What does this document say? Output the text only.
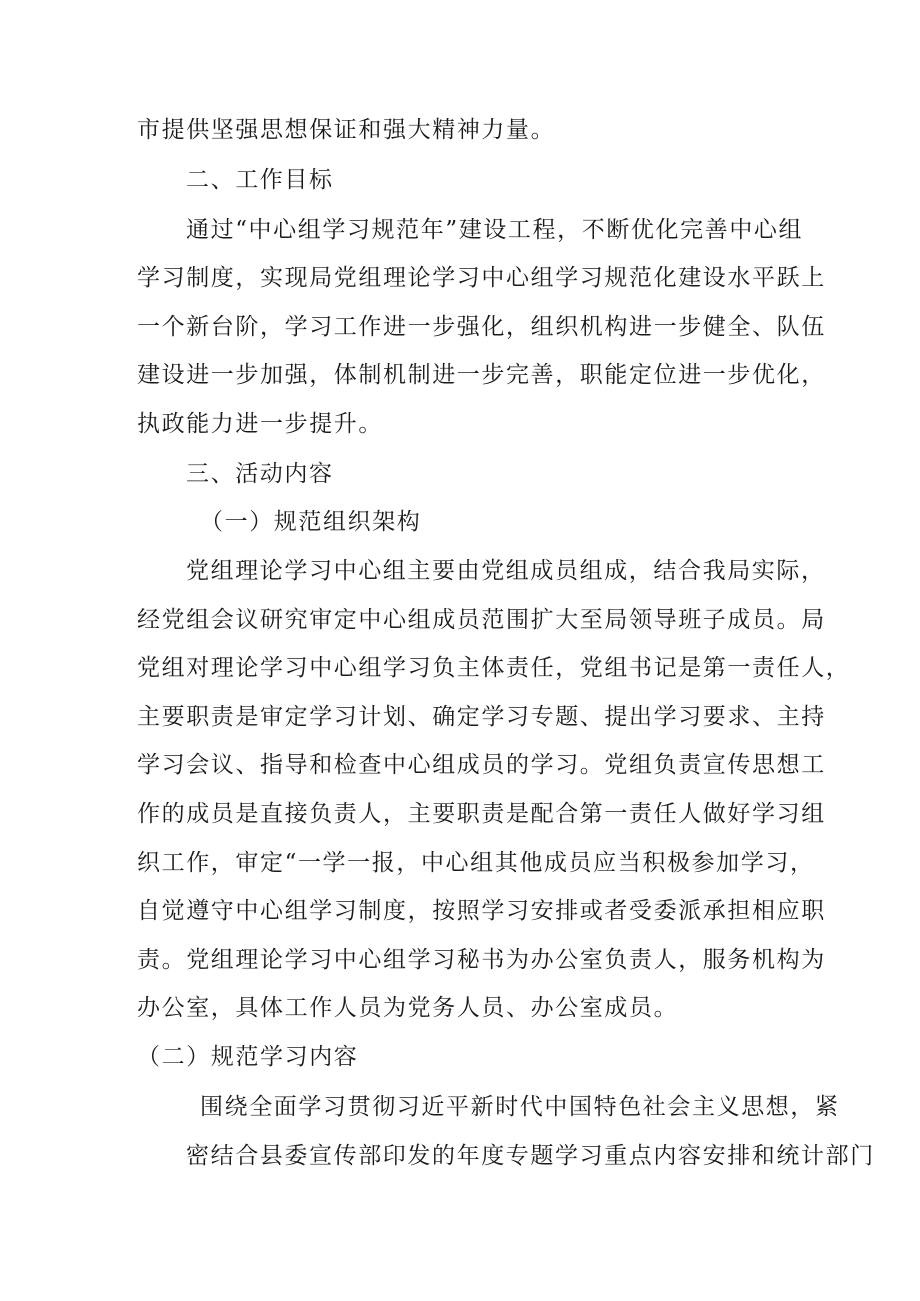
市提供坚强思想保证和强大精神力量。
二、工作目标
通过“中心组学习规范年”建设工程，不断优化完善中心组
学习制度，实现局党组理论学习中心组学习规范化建设水平跃上
一个新台阶，学习工作进一步强化，组织机构进一步健全、队伍
建设进一步加强，体制机制进一步完善，职能定位进一步优化，
执政能力进一步提升。
三、活动内容
（一）规范组织架构
党组理论学习中心组主要由党组成员组成，结合我局实际，
经党组会议研究审定中心组成员范围扩大至局领导班子成员。局
党组对理论学习中心组学习负主体责任，党组书记是第一责任人，
主要职责是审定学习计划、确定学习专题、提出学习要求、主持
学习会议、指导和检查中心组成员的学习。党组负责宣传思想工
作的成员是直接负责人，主要职责是配合第一责任人做好学习组
织工作，审定“一学一报，中心组其他成员应当积极参加学习，
自觉遵守中心组学习制度，按照学习安排或者受委派承担相应职
责。党组理论学习中心组学习秘书为办公室负责人，服务机构为
办公室，具体工作人员为党务人员、办公室成员。
（二）规范学习内容
围绕全面学习贯彻习近平新时代中国特色社会主义思想，紧
密结合县委宣传部印发的年度专题学习重点内容安排和统计部门
